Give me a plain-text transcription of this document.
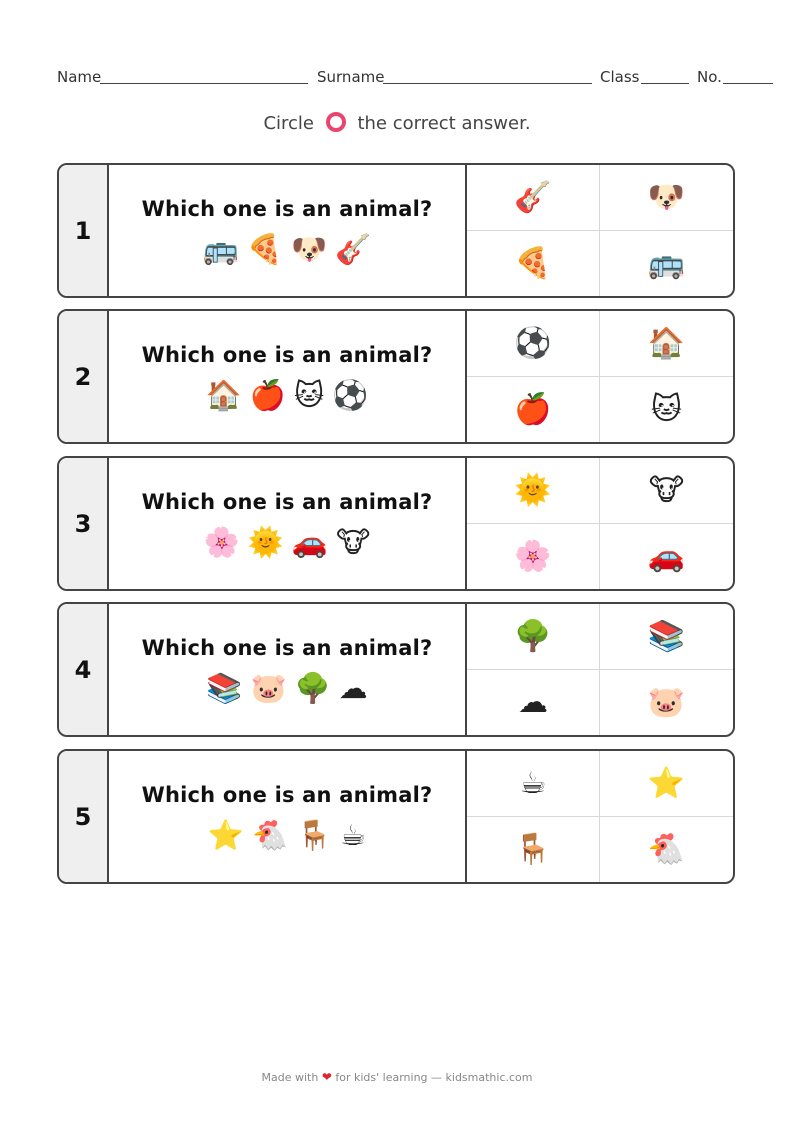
Name	Surname	Class	No.
Circle the correct answer.
1
Which one is an animal?
🚌 🍕 🐶 🎸
🎸	🐶
🍕	🚌
2
Which one is an animal?
🏠 🍎 🐱 ⚽
⚽	🏠
🍎	🐱
3
Which one is an animal?
🌸 🌞 🚗 🐮
🌞	🐮
🌸	🚗
4
Which one is an animal?
📚 🐷 🌳 ☁
🌳	📚
☁	🐷
5
Which one is an animal?
⭐ 🐔 🪑 ☕
☕	⭐
🪑	🐔
Made with ❤ for kids' learning — kidsmathic.com
